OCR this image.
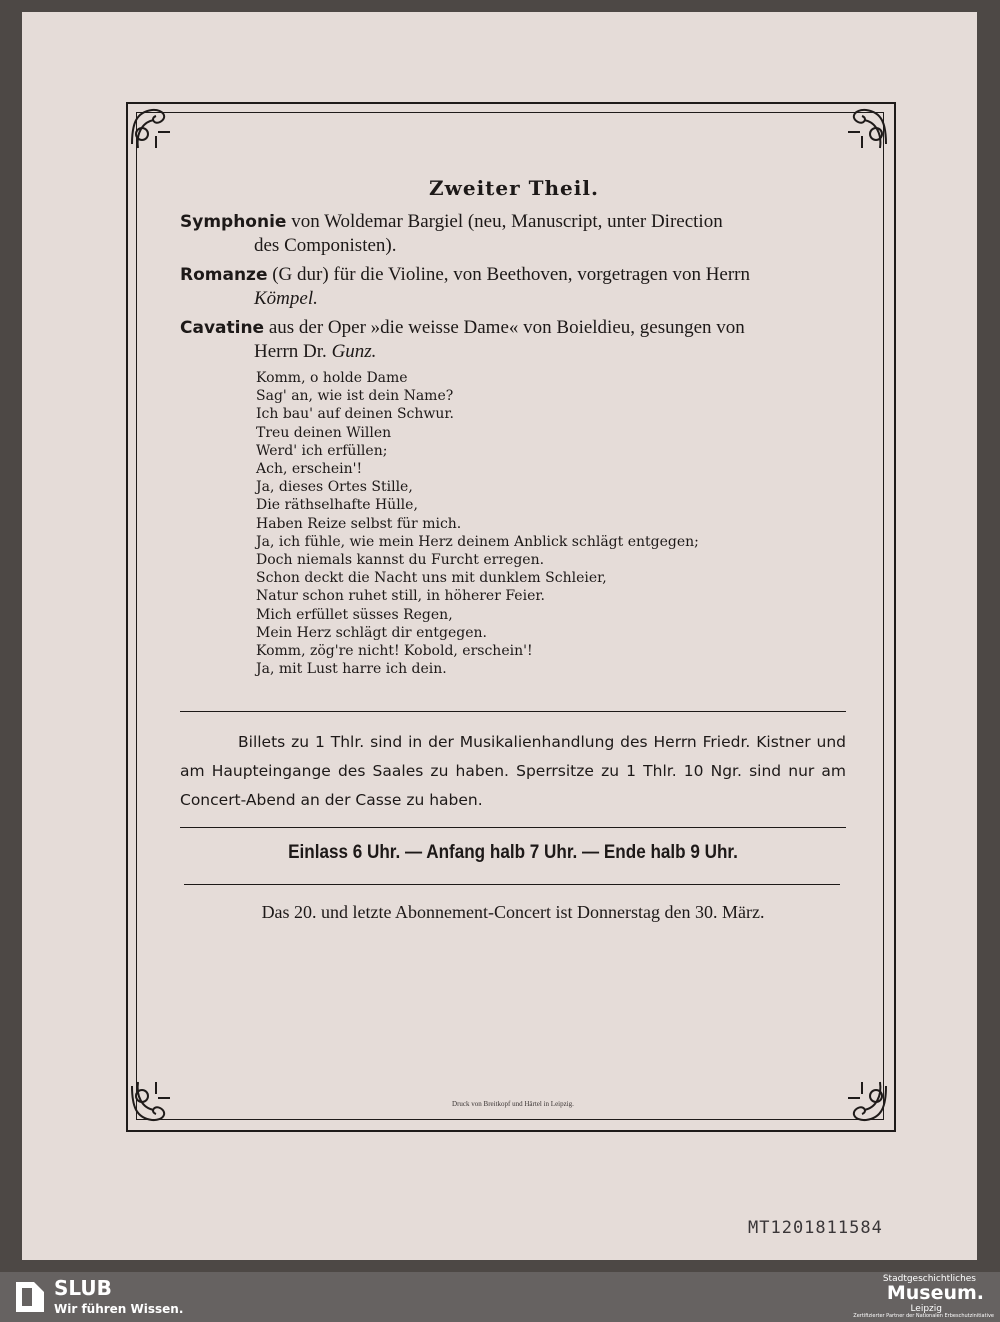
Zweiter Theil.
Symphonie von Woldemar Bargiel (neu, Manuscript, unter Direction
des Componisten).
Romanze (G dur) für die Violine, von Beethoven, vorgetragen von Herrn
Kömpel.
Cavatine aus der Oper »die weisse Dame« von Boieldieu, gesungen von
Herrn Dr. Gunz.
Komm, o holde Dame
Sag' an, wie ist dein Name?
Ich bau' auf deinen Schwur.
Treu deinen Willen
Werd' ich erfüllen;
Ach, erschein'!
Ja, dieses Ortes Stille,
Die räthselhafte Hülle,
Haben Reize selbst für mich.
Ja, ich fühle, wie mein Herz deinem Anblick schlägt entgegen;
Doch niemals kannst du Furcht erregen.
Schon deckt die Nacht uns mit dunklem Schleier,
Natur schon ruhet still, in höherer Feier.
Mich erfüllet süsses Regen,
Mein Herz schlägt dir entgegen.
Komm, zög're nicht! Kobold, erschein'!
Ja, mit Lust harre ich dein.
Billets zu 1 Thlr. sind in der Musikalienhandlung des Herrn Friedr. Kistner und am Haupteingange des Saales zu haben. Sperrsitze zu 1 Thlr. 10 Ngr. sind nur am Concert-Abend an der Casse zu haben.
Einlass 6 Uhr. — Anfang halb 7 Uhr. — Ende halb 9 Uhr.
Das 20. und letzte Abonnement-Concert ist Donnerstag den 30. März.
Druck von Breitkopf und Härtel in Leipzig.
MT1201811584
SLUB
Wir führen Wissen.
Stadtgeschichtliches
Museum.
Leipzig
Zertifizierter Partner der Nationalen Erbeschutzinitiative
